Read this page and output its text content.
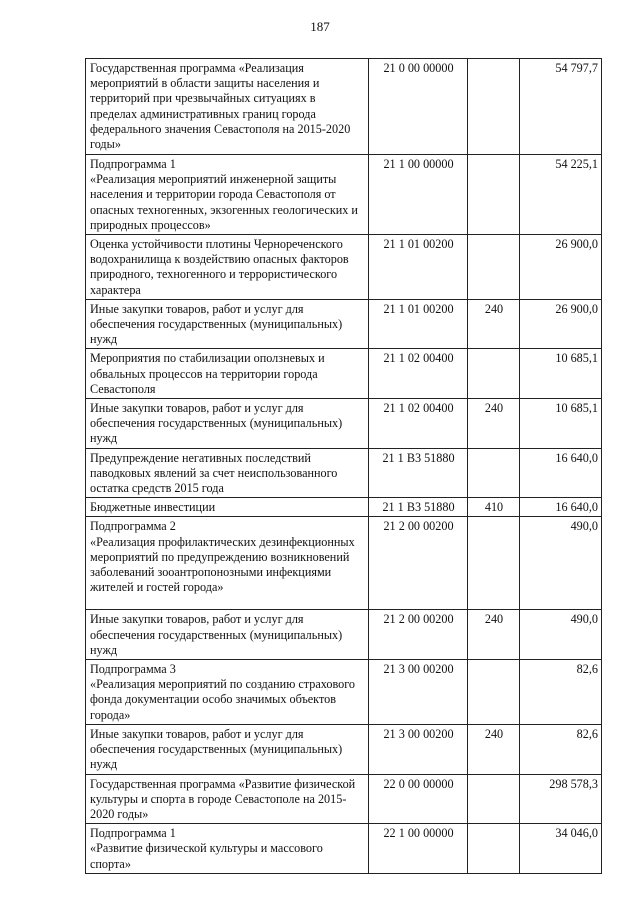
187
Государственная программа «Реализация мероприятий в области защиты населения и территорий при чрезвычайных ситуациях в пределах административных границ города федерального значения Севастополя на 2015-2020 годы»	21 0 00 00000		54 797,7
Подпрограмма 1
«Реализация мероприятий инженерной защиты населения и территории города Севастополя от опасных техногенных, экзогенных геологических и природных процессов»	21 1 00 00000		54 225,1
Оценка устойчивости плотины Чернореченского водохранилища к воздействию опасных факторов природного, техногенного и террористического характера	21 1 01 00200		26 900,0
Иные закупки товаров, работ и услуг для обеспечения государственных (муниципальных) нужд	21 1 01 00200	240	26 900,0
Мероприятия по стабилизации оползневых и обвальных процессов на территории города Севастополя	21 1 02 00400		10 685,1
Иные закупки товаров, работ и услуг для обеспечения государственных (муниципальных) нужд	21 1 02 00400	240	10 685,1
Предупреждение негативных последствий паводковых явлений за счет неиспользованного остатка средств 2015 года	21 1 В3 51880		16 640,0
Бюджетные инвестиции	21 1 В3 51880	410	16 640,0
Подпрограмма 2
«Реализация профилактических дезинфекционных мероприятий по предупреждению возникновений заболеваний зооантропонозными инфекциями жителей и гостей города»	21 2 00 00200		490,0
Иные закупки товаров, работ и услуг для обеспечения государственных (муниципальных) нужд	21 2 00 00200	240	490,0
Подпрограмма 3
«Реализация мероприятий по созданию страхового фонда документации особо значимых объектов города»	21 3 00 00200		82,6
Иные закупки товаров, работ и услуг для обеспечения государственных (муниципальных) нужд	21 3 00 00200	240	82,6
Государственная программа «Развитие физической культуры и спорта в городе Севастополе на 2015-2020 годы»	22 0 00 00000		298 578,3
Подпрограмма 1
«Развитие физической культуры и массового спорта»	22 1 00 00000		34 046,0
